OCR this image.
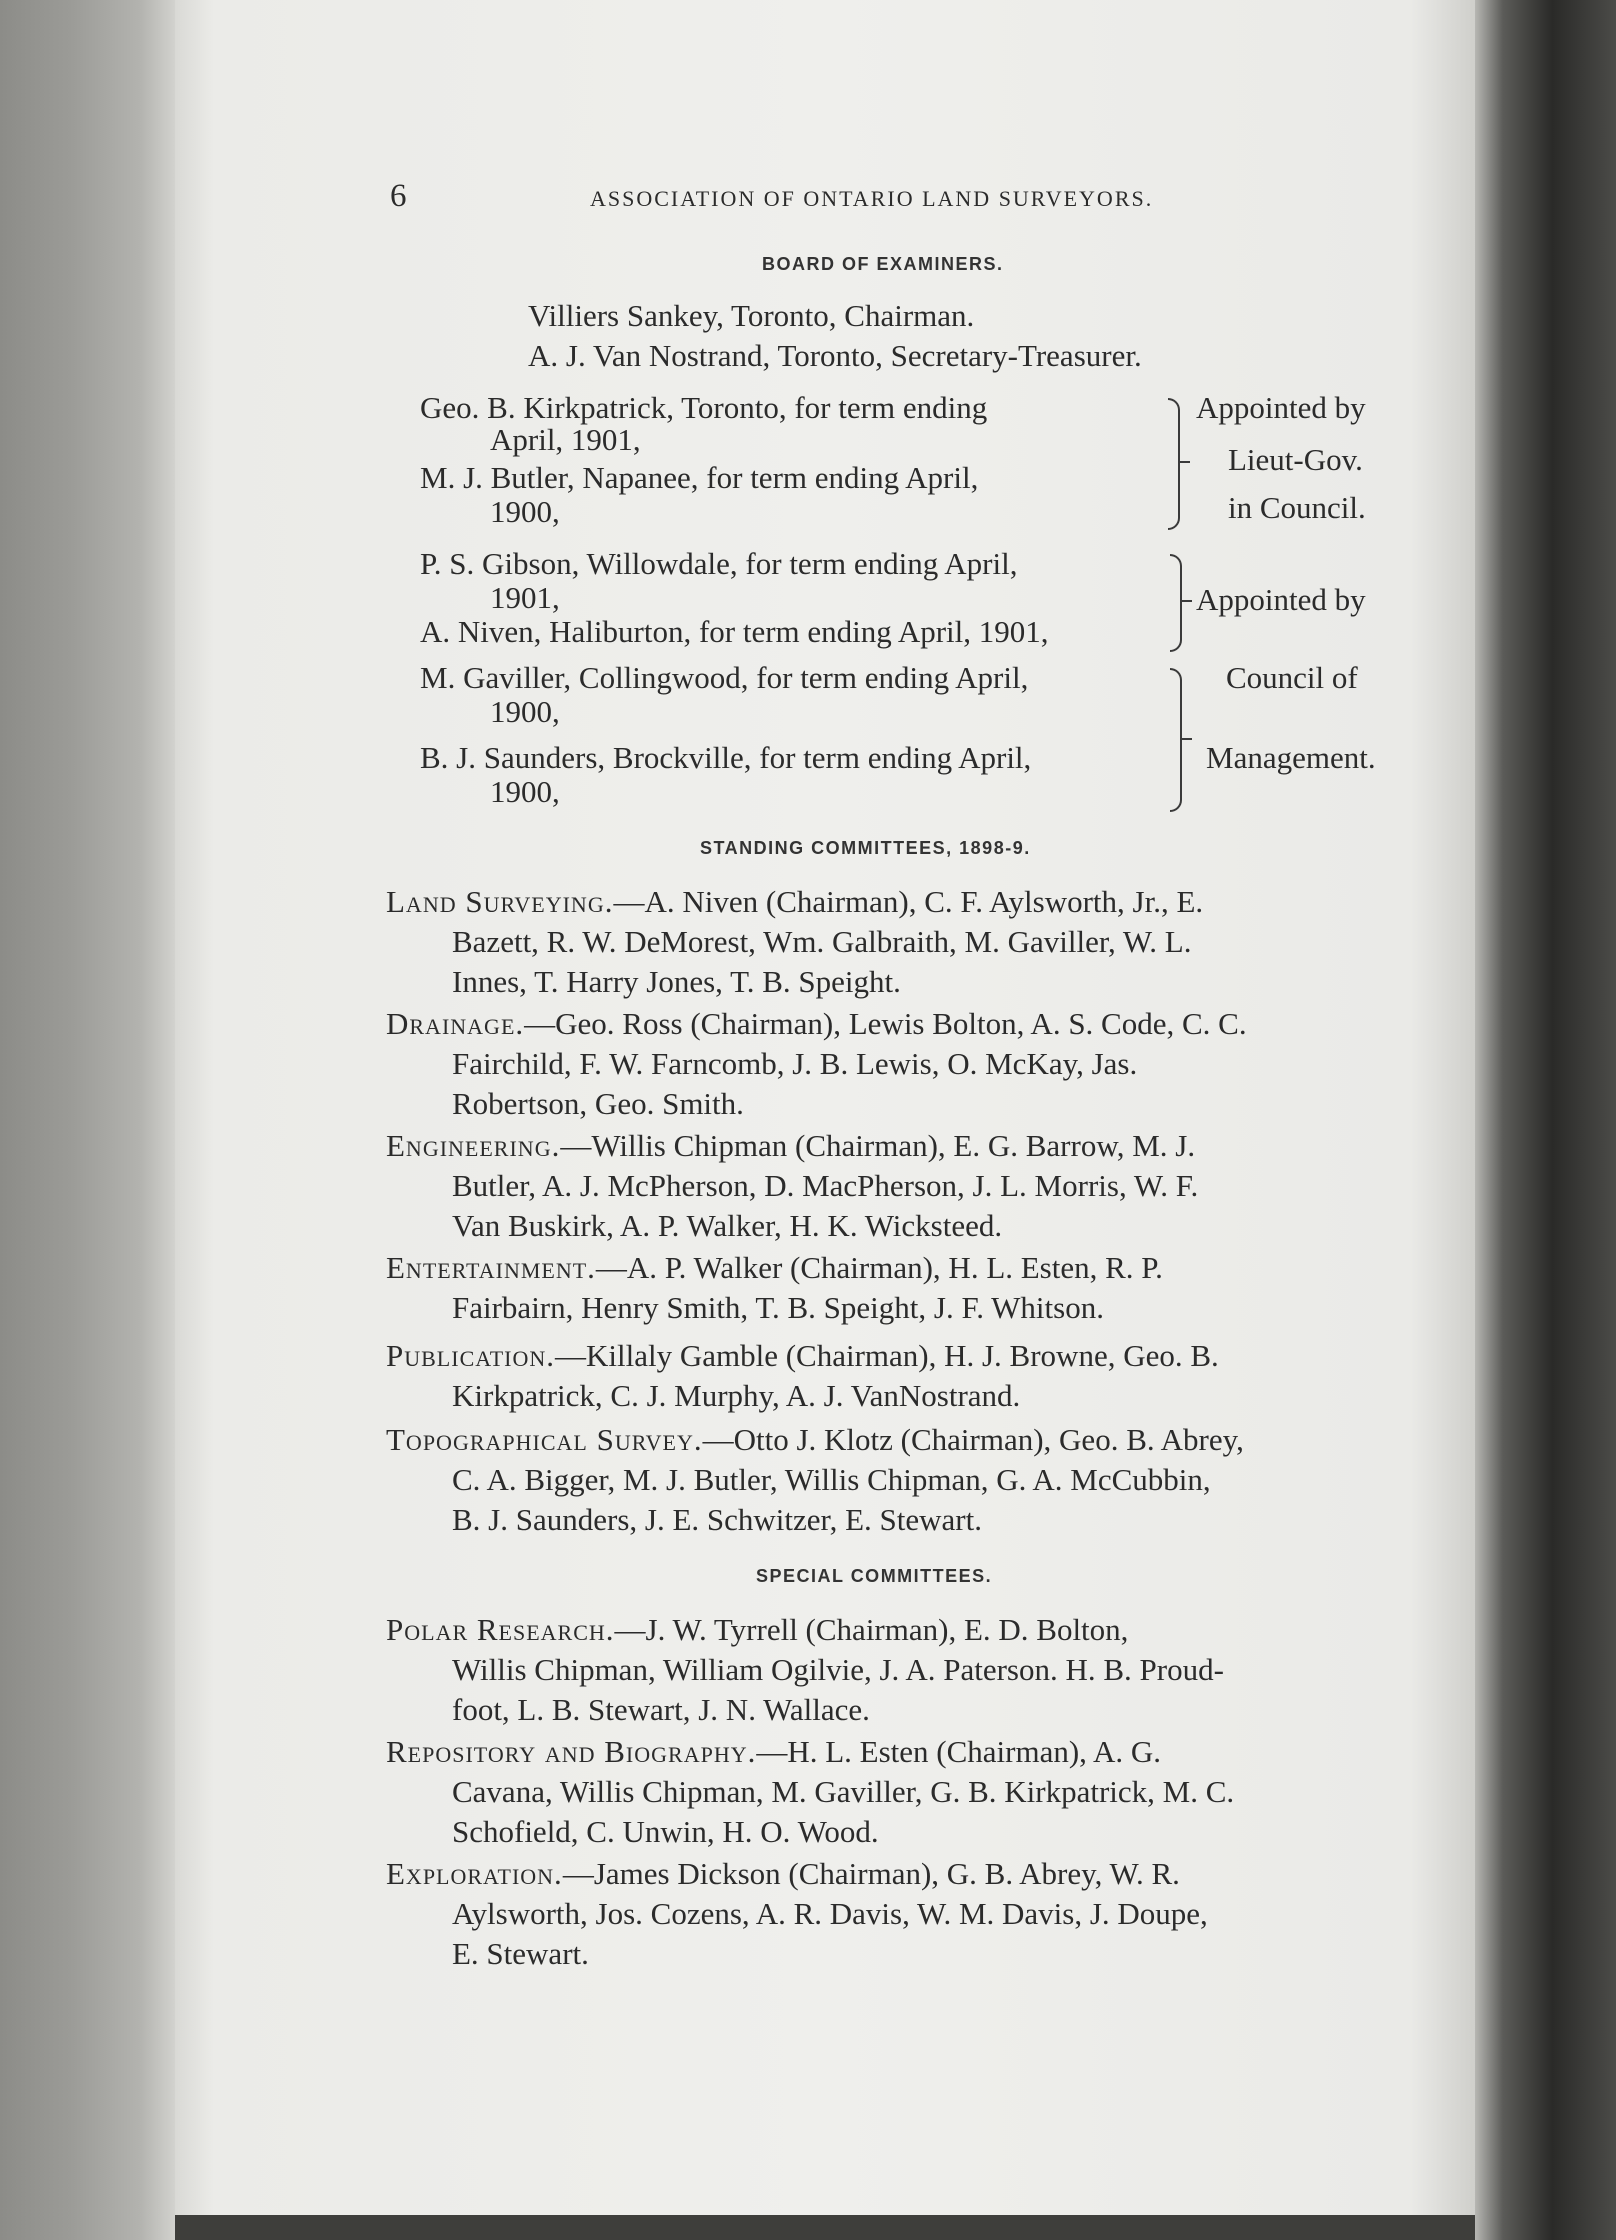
6	ASSOCIATION OF ONTARIO LAND SURVEYORS.
BOARD OF EXAMINERS.
Villiers Sankey, Toronto, Chairman.
A. J. Van Nostrand, Toronto, Secretary-Treasurer.
Geo. B. Kirkpatrick, Toronto, for term ending
April, 1901,
M. J. Butler, Napanee, for term ending April,
1900,
Appointed by
Lieut-Gov.
in Council.
P. S. Gibson, Willowdale, for term ending April,
1901,
A. Niven, Haliburton, for term ending April, 1901,
Appointed by
M. Gaviller, Collingwood, for term ending April,
1900,
B. J. Saunders, Brockville, for term ending April,
1900,
Council of
Management.
STANDING COMMITTEES, 1898-9.
Land Surveying.—A. Niven (Chairman), C. F. Aylsworth, Jr., E.
Bazett, R. W. DeMorest, Wm. Galbraith, M. Gaviller, W. L.
Innes, T. Harry Jones, T. B. Speight.
Drainage.—Geo. Ross (Chairman), Lewis Bolton, A. S. Code, C. C.
Fairchild, F. W. Farncomb, J. B. Lewis, O. McKay, Jas.
Robertson, Geo. Smith.
Engineering.—Willis Chipman (Chairman), E. G. Barrow, M. J.
Butler, A. J. McPherson, D. MacPherson, J. L. Morris, W. F.
Van Buskirk, A. P. Walker, H. K. Wicksteed.
Entertainment.—A. P. Walker (Chairman), H. L. Esten, R. P.
Fairbairn, Henry Smith, T. B. Speight, J. F. Whitson.
Publication.—Killaly Gamble (Chairman), H. J. Browne, Geo. B.
Kirkpatrick, C. J. Murphy, A. J. VanNostrand.
Topographical Survey.—Otto J. Klotz (Chairman), Geo. B. Abrey,
C. A. Bigger, M. J. Butler, Willis Chipman, G. A. McCubbin,
B. J. Saunders, J. E. Schwitzer, E. Stewart.
SPECIAL COMMITTEES.
Polar Research.—J. W. Tyrrell (Chairman), E. D. Bolton,
Willis Chipman, William Ogilvie, J. A. Paterson. H. B. Proud-
foot, L. B. Stewart, J. N. Wallace.
Repository and Biography.—H. L. Esten (Chairman), A. G.
Cavana, Willis Chipman, M. Gaviller, G. B. Kirkpatrick, M. C.
Schofield, C. Unwin, H. O. Wood.
Exploration.—James Dickson (Chairman), G. B. Abrey, W. R.
Aylsworth, Jos. Cozens, A. R. Davis, W. M. Davis, J. Doupe,
E. Stewart.
